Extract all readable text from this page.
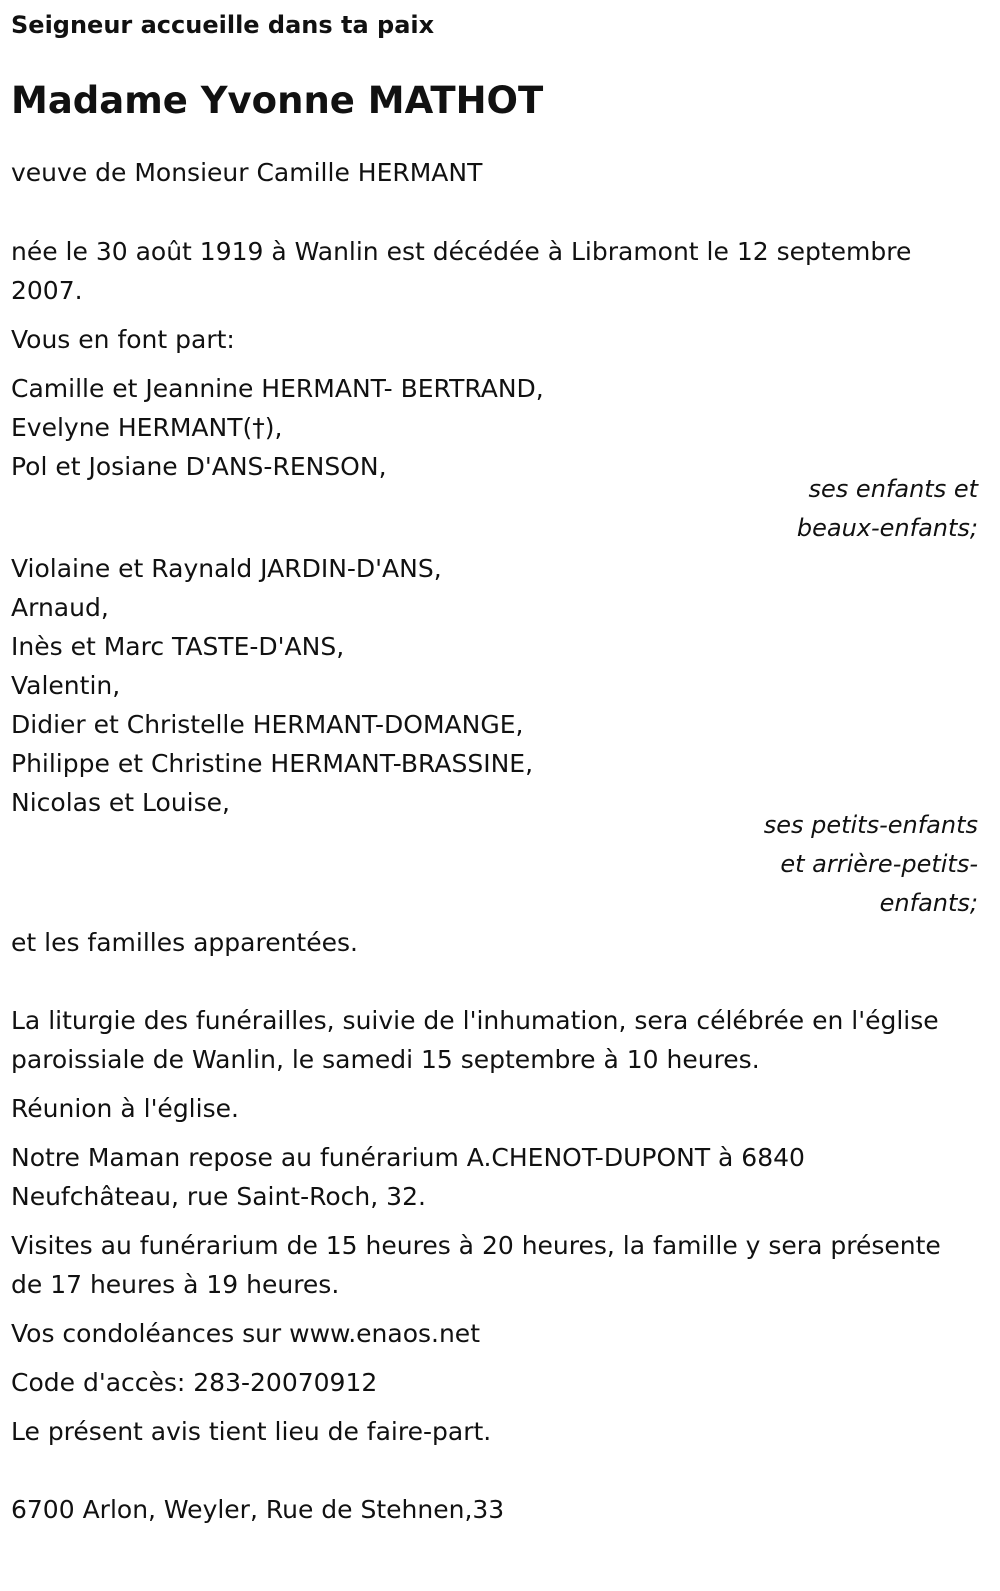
Seigneur accueille dans ta paix

Madame Yvonne MATHOT

veuve de Monsieur Camille HERMANT

née le 30 août 1919 à Wanlin est décédée à Libramont le 12 septembre

2007.

Vous en font part:

Camille et Jeannine HERMANT- BERTRAND,
Evelyne HERMANT(†),
Pol et Josiane D'ANS-RENSON,
ses enfants et
beaux-enfants;
Violaine et Raynald JARDIN-D'ANS,
Arnaud,
Inès et Marc TASTE-D'ANS,
Valentin,
Didier et Christelle HERMANT-DOMANGE,
Philippe et Christine HERMANT-BRASSINE,
Nicolas et Louise,
ses petits-enfants
et arrière-petits-
enfants;

et les familles apparentées.

La liturgie des funérailles, suivie de l'inhumation, sera célébrée en l'église

paroissiale de Wanlin, le samedi 15 septembre à 10 heures.

Réunion à l'église.

Notre Maman repose au funérarium A.CHENOT-DUPONT à 6840

Neufchâteau, rue Saint-Roch, 32.

Visites au funérarium de 15 heures à 20 heures, la famille y sera présente

de 17 heures à 19 heures.

Vos condoléances sur www.enaos.net

Code d'accès: 283-20070912

Le présent avis tient lieu de faire-part.

6700 Arlon, Weyler, Rue de Stehnen,33
